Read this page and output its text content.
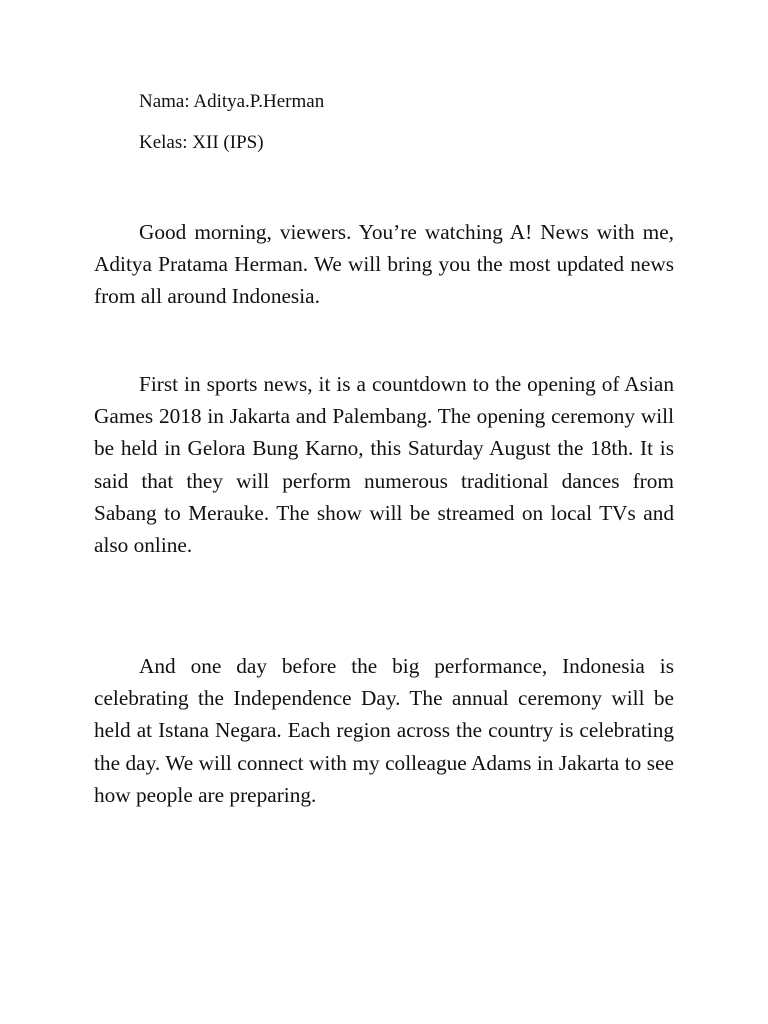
Nama: Aditya.P.Herman
Kelas: XII (IPS)

Good morning, viewers. You’re watching A! News with me, Aditya Pratama Herman. We will bring you the most updated news from all around Indonesia.

First in sports news, it is a countdown to the opening of Asian Games 2018 in Jakarta and Palembang. The opening ceremony will be held in Gelora Bung Karno, this Saturday August the 18th. It is said that they will perform numerous traditional dances from Sabang to Merauke. The show will be streamed on local TVs and also online.

And one day before the big performance, Indonesia is celebrating the Independence Day. The annual ceremony will be held at Istana Negara. Each region across the country is celebrating the day. We will connect with my colleague Adams in Jakarta to see how people are preparing.
